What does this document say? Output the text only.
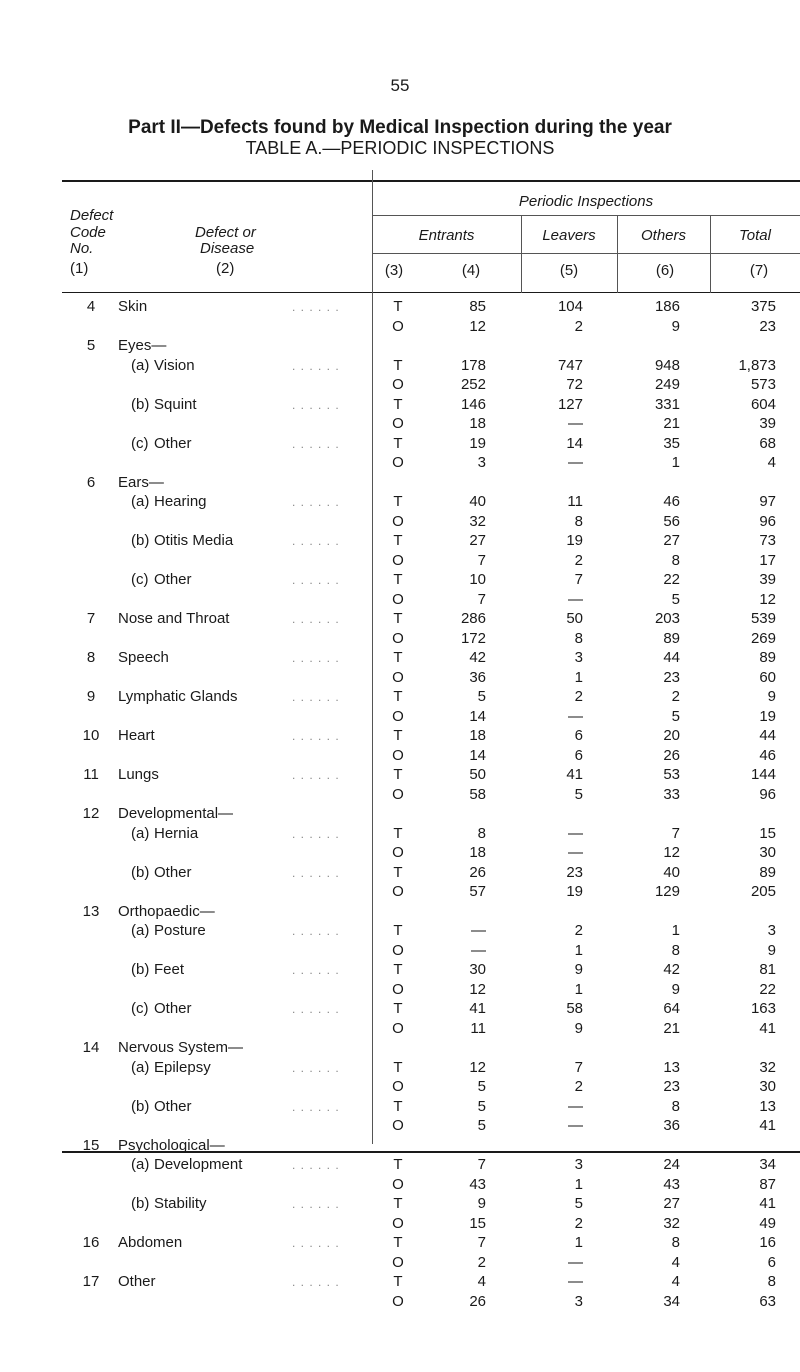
55
Part II—Defects found by Medical Inspection during the year
TABLE A.—PERIODIC INSPECTIONS
Defect
Code
No.
(1)
Defect or
Disease
(2)
Periodic Inspections
Entrants	Leavers	Others	Total
(3)	(4)	(5)	(6)	(7)
4 Skin	. . . . . .	T	85	104	186	375
O	12	2	9	23
5 Eyes—
(a) Vision	. . . . . .	T	178	747	948	1,873
O	252	72	249	573
(b) Squint	. . . . . .	T	146	127	331	604
O	18	—	21	39
(c) Other	. . . . . .	T	19	14	35	68
O	3	—	1	4
6 Ears—
(a) Hearing	. . . . . .	T	40	11	46	97
O	32	8	56	96
(b) Otitis Media	. . . . . .	T	27	19	27	73
O	7	2	8	17
(c) Other	. . . . . .	T	10	7	22	39
O	7	—	5	12
7 Nose and Throat	. . . . . .	T	286	50	203	539
O	172	8	89	269
8 Speech	. . . . . .	T	42	3	44	89
O	36	1	23	60
9 Lymphatic Glands	. . . . . .	T	5	2	2	9
O	14	—	5	19
10 Heart	. . . . . .	T	18	6	20	44
O	14	6	26	46
11 Lungs	. . . . . .	T	50	41	53	144
O	58	5	33	96
12 Developmental—
(a) Hernia	. . . . . .	T	8	—	7	15
O	18	—	12	30
(b) Other	. . . . . .	T	26	23	40	89
O	57	19	129	205
13 Orthopaedic—
(a) Posture	. . . . . .	T	—	2	1	3
O	—	1	8	9
(b) Feet	. . . . . .	T	30	9	42	81
O	12	1	9	22
(c) Other	. . . . . .	T	41	58	64	163
O	11	9	21	41
14 Nervous System—
(a) Epilepsy	. . . . . .	T	12	7	13	32
O	5	2	23	30
(b) Other	. . . . . .	T	5	—	8	13
O	5	—	36	41
15 Psychological—
(a) Development	. . . . . .	T	7	3	24	34
O	43	1	43	87
(b) Stability	. . . . . .	T	9	5	27	41
O	15	2	32	49
16 Abdomen	. . . . . .	T	7	1	8	16
O	2	—	4	6
17 Other	. . . . . .	T	4	—	4	8
O	26	3	34	63
